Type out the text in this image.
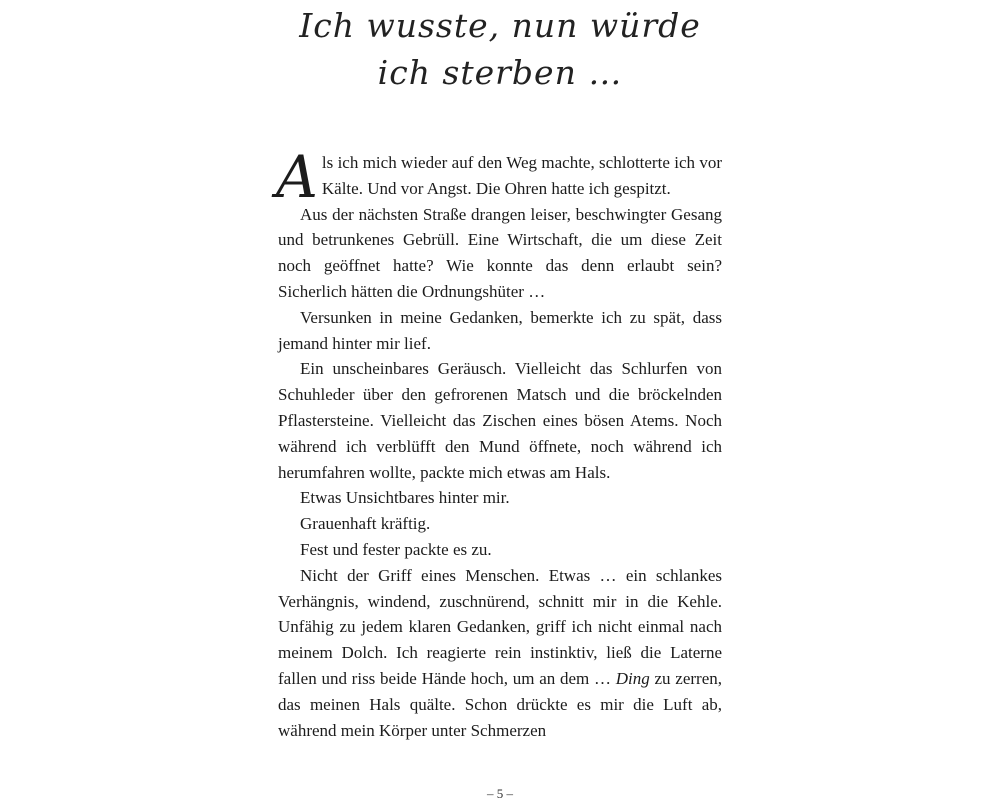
Ich wusste, nun würde
ich sterben …

Als ich mich wieder auf den Weg machte, schlotterte ich vor Kälte. Und vor Angst. Die Ohren hatte ich gespitzt.

Aus der nächsten Straße drangen leiser, beschwingter Gesang und betrunkenes Gebrüll. Eine Wirtschaft, die um diese Zeit noch geöffnet hatte? Wie konnte das denn erlaubt sein? Sicherlich hätten die Ordnungshüter …

Versunken in meine Gedanken, bemerkte ich zu spät, dass jemand hinter mir lief.

Ein unscheinbares Geräusch. Vielleicht das Schlurfen von Schuhleder über den gefrorenen Matsch und die bröckelnden Pflastersteine. Vielleicht das Zischen eines bösen Atems. Noch während ich verblüfft den Mund öffnete, noch während ich herumfahren wollte, packte mich etwas am Hals.

Etwas Unsichtbares hinter mir.

Grauenhaft kräftig.

Fest und fester packte es zu.

Nicht der Griff eines Menschen. Etwas … ein schlankes Verhängnis, windend, zuschnürend, schnitt mir in die Kehle. Unfähig zu jedem klaren Gedanken, griff ich nicht einmal nach meinem Dolch. Ich reagierte rein instinktiv, ließ die Laterne fallen und riss beide Hände hoch, um an dem … Ding zu zerren, das meinen Hals quälte. Schon drückte es mir die Luft ab, während mein Körper unter Schmerzen

– 5 –
